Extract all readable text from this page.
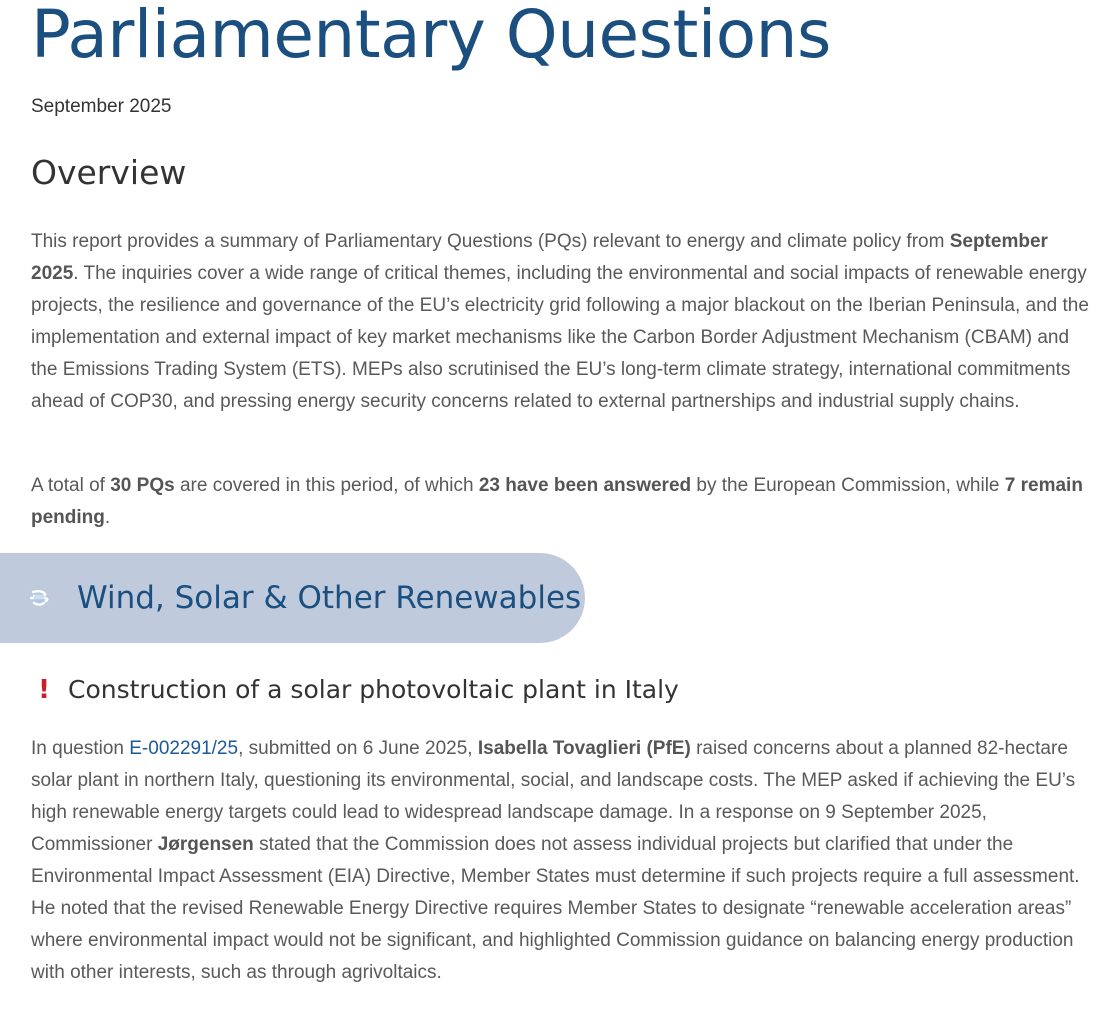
Parliamentary Questions
September 2025
Overview

This report provides a summary of Parliamentary Questions (PQs) relevant to energy and climate policy from September 2025. The inquiries cover a wide range of critical themes, including the environmental and social impacts of renewable energy projects, the resilience and governance of the EU’s electricity grid following a major blackout on the Iberian Peninsula, and the implementation and external impact of key market mechanisms like the Carbon Border Adjustment Mechanism (CBAM) and the Emissions Trading System (ETS). MEPs also scrutinised the EU’s long-term climate strategy, international commitments ahead of COP30, and pressing energy security concerns related to external partnerships and industrial supply chains.

A total of 30 PQs are covered in this period, of which 23 have been answered by the European Commission, while 7 remain pending.

Wind, Solar & Other Renewables
! Construction of a solar photovoltaic plant in Italy

In question E-002291/25, submitted on 6 June 2025, Isabella Tovaglieri (PfE) raised concerns about a planned 82-hectare solar plant in northern Italy, questioning its environmental, social, and landscape costs. The MEP asked if achieving the EU’s high renewable energy targets could lead to widespread landscape damage. In a response on 9 September 2025, Commissioner Jørgensen stated that the Commission does not assess individual projects but clarified that under the Environmental Impact Assessment (EIA) Directive, Member States must determine if such projects require a full assessment. He noted that the revised Renewable Energy Directive requires Member States to designate “renewable acceleration areas” where environmental impact would not be significant, and highlighted Commission guidance on balancing energy production with other interests, such as through agrivoltaics.
